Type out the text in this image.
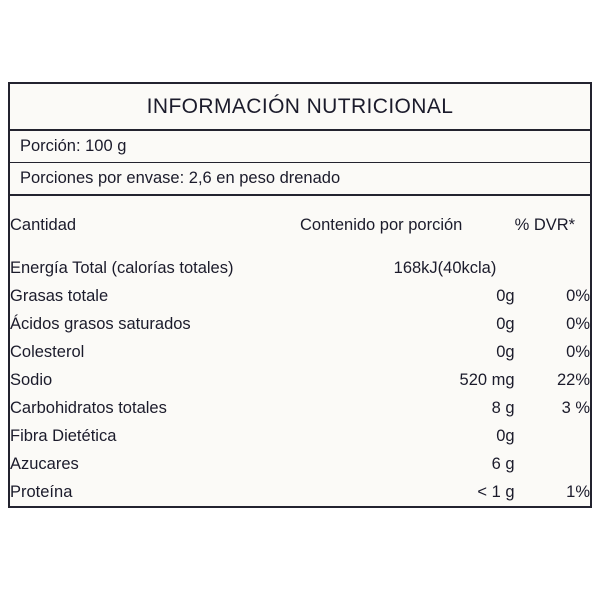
INFORMACIÓN NUTRICIONAL
Porción: 100 g
Porciones por envase: 2,6 en peso drenado
Cantidad	Contenido por porción	% DVR*
Energía Total (calorías totales)	168kJ(40kcla)	
Grasas totale	0g	0%
Ácidos grasos saturados	0g	0%
Colesterol	0g	0%
Sodio	520 mg	22%
Carbohidratos totales	8 g	3 %
Fibra Dietética	0g	
Azucares	6 g	
Proteína	< 1 g	1%
